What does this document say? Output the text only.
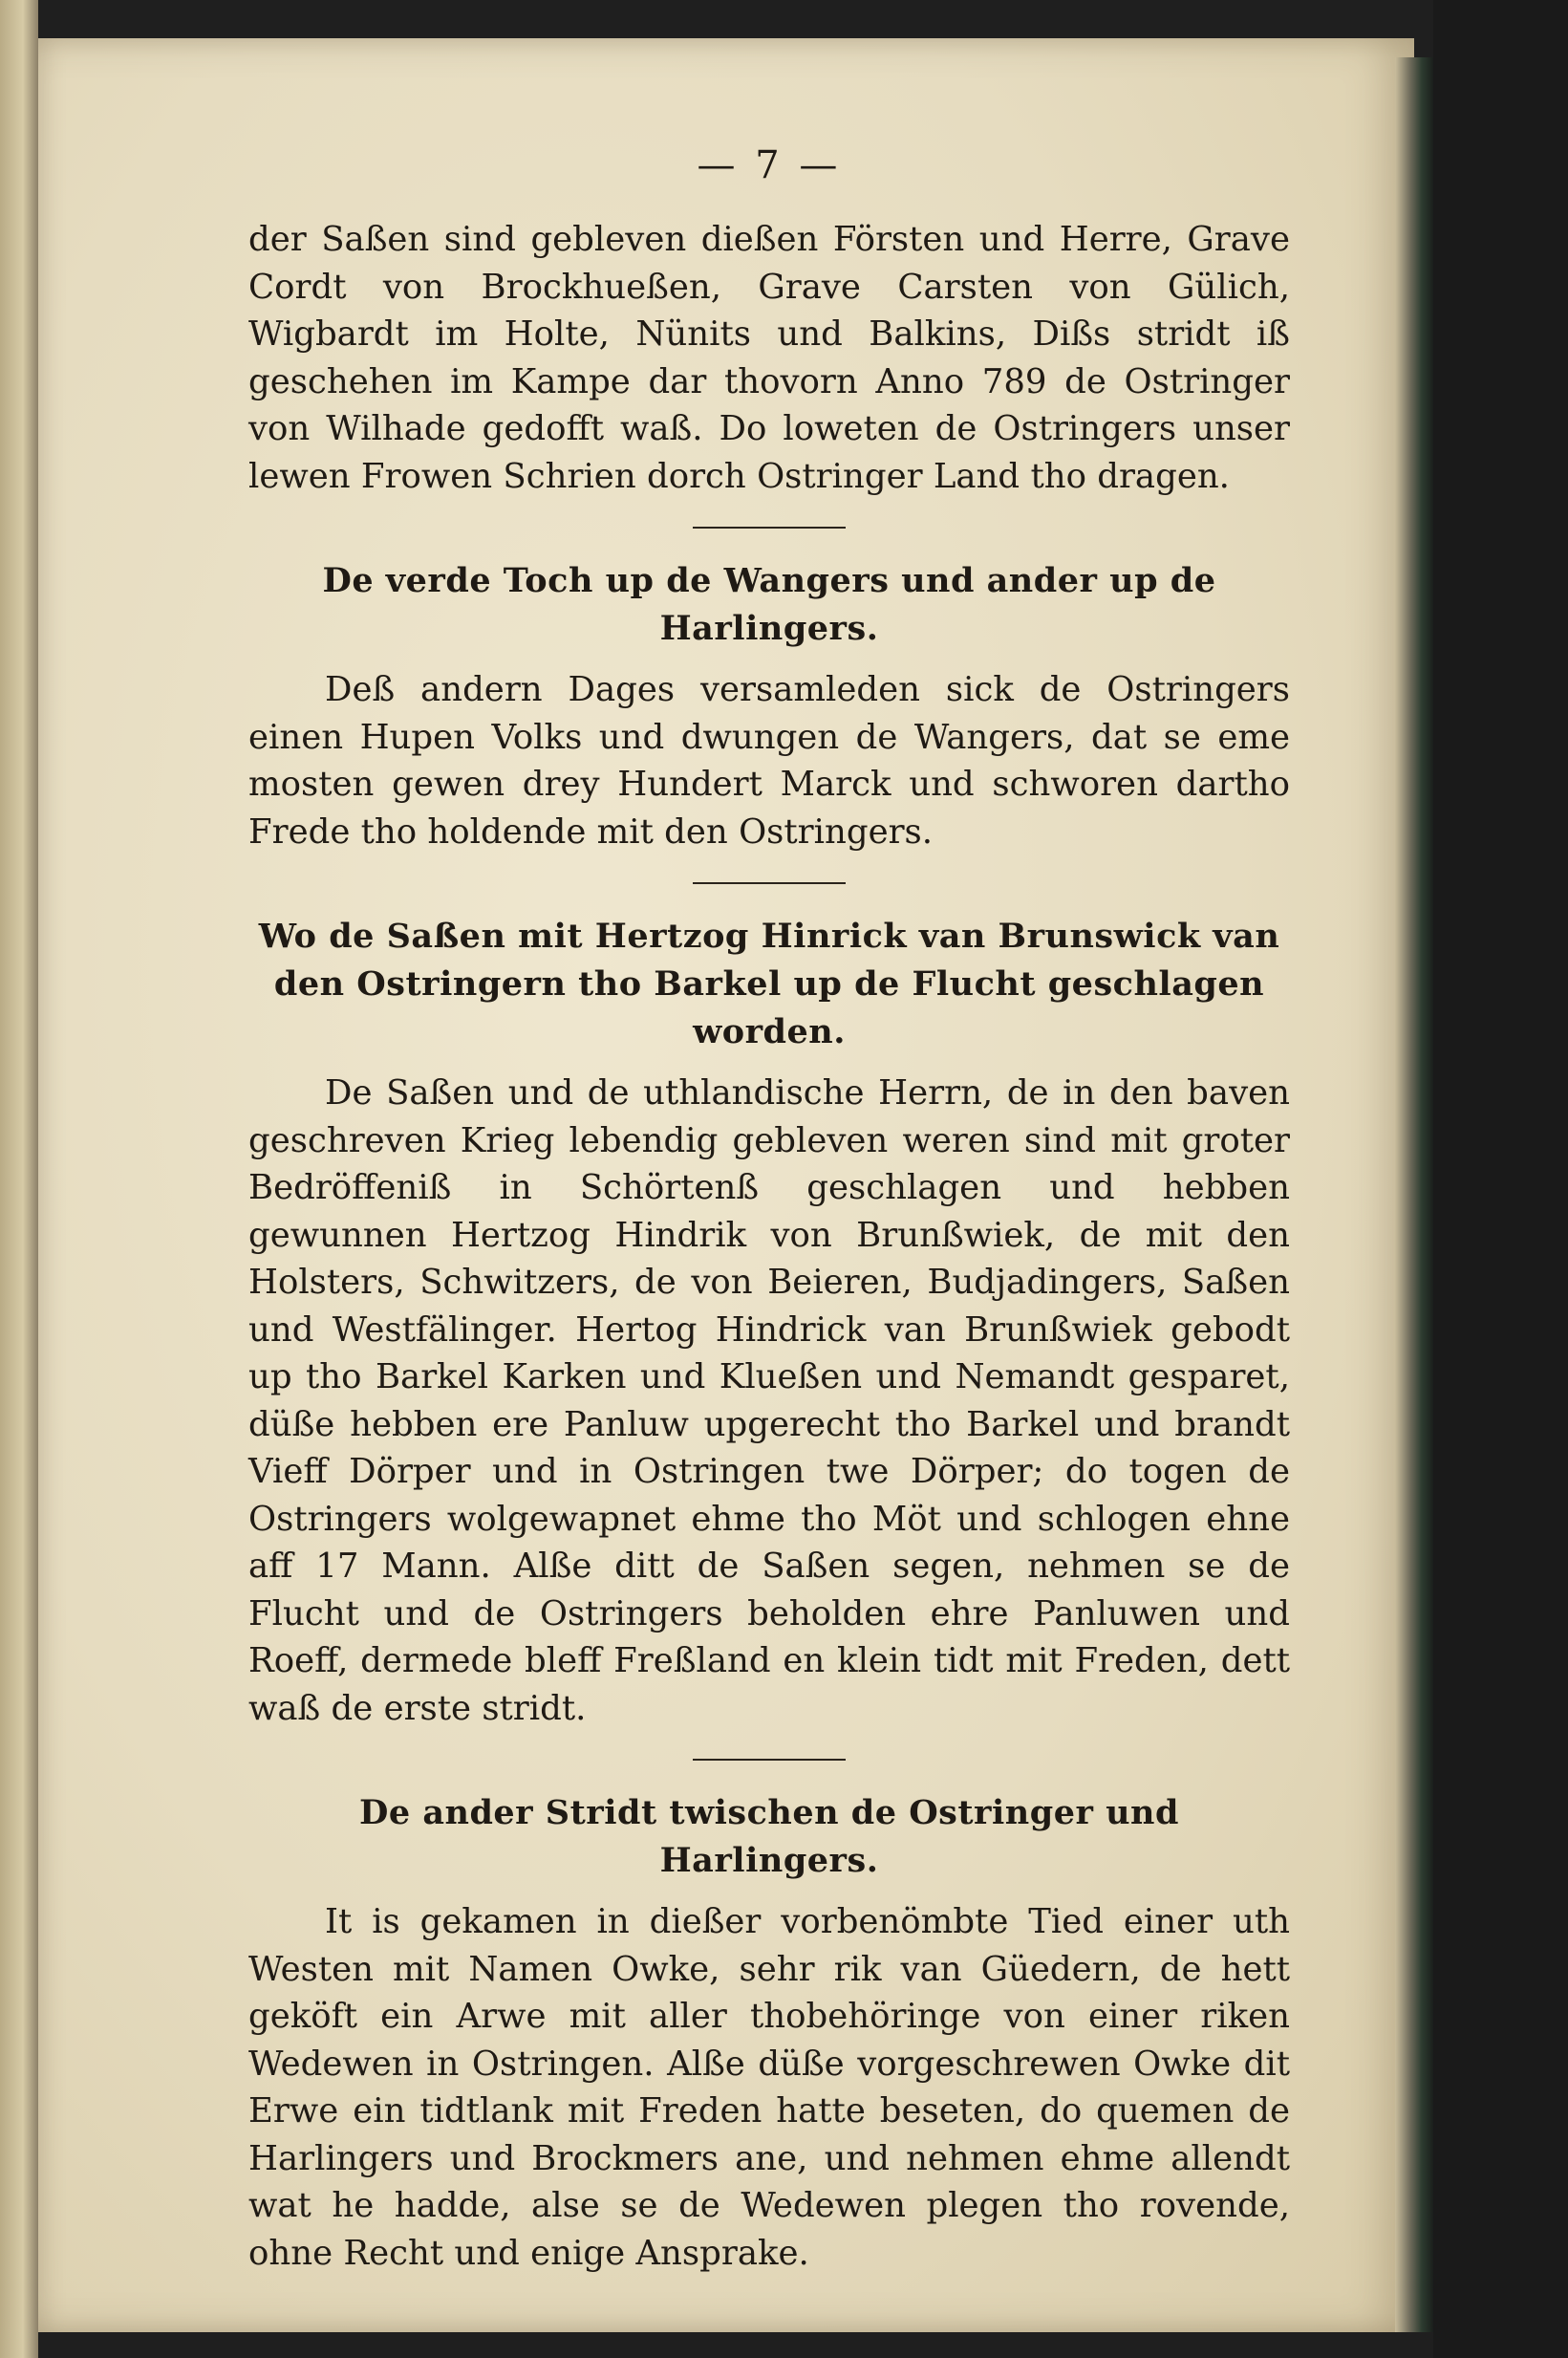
— 7 —

der Saßen sind gebleven dießen Försten und Herre, Grave Cordt von Brockhueßen, Grave Carsten von Gülich, Wigbardt im Holte, Nünits und Balkins, Dißs stridt iß geschehen im Kampe dar thovorn Anno 789 de Ostringer von Wilhade gedofft waß. Do loweten de Ostringers unser lewen Frowen Schrien dorch Ostringer Land tho dragen.

De verde Toch up de Wangers und ander up de Harlingers.

Deß andern Dages versamleden sick de Ostringers einen Hupen Volks und dwungen de Wangers, dat se eme mosten gewen drey Hundert Marck und schworen dartho Frede tho holdende mit den Ostringers.

Wo de Saßen mit Hertzog Hinrick van Brunswick van den Ostringern tho Barkel up de Flucht geschlagen worden.

De Saßen und de uthlandische Herrn, de in den baven geschreven Krieg lebendig gebleven weren sind mit groter Bedröffeniß in Schörtenß geschlagen und hebben gewunnen Hertzog Hindrik von Brunßwiek, de mit den Holsters, Schwitzers, de von Beieren, Budjadingers, Saßen und Westfälinger. Hertog Hindrick van Brunßwiek gebodt up tho Barkel Karken und Kluеßen und Nemandt gesparet, düße hebben ere Panluw upgerecht tho Barkel und brandt Vieff Dörper und in Ostringen twe Dörper; do togen de Ostringers wolgewapnet ehme tho Möt und schlogen ehne aff 17 Mann. Alße ditt de Saßen segen, nehmen se de Flucht und de Ostringers beholden ehre Panluwen und Roeff, dermede bleff Freßland en klein tidt mit Freden, dett waß de erste stridt.

De ander Stridt twischen de Ostringer und Harlingers.

It is gekamen in dießer vorbenömbte Tied einer uth Westen mit Namen Owke, sehr rik van Güedern, de hett geköft ein Arwe mit aller thobehöringe von einer riken Wedewen in Ostringen. Alße düße vorgeschrewen Owke dit Erwe ein tidtlank mit Freden hatte beseten, do quemen de Harlingers und Brockmers ane, und nehmen ehme allendt wat he hadde, alse se de Wedewen plegen tho rovende, ohne Recht und enige Ansprake.
